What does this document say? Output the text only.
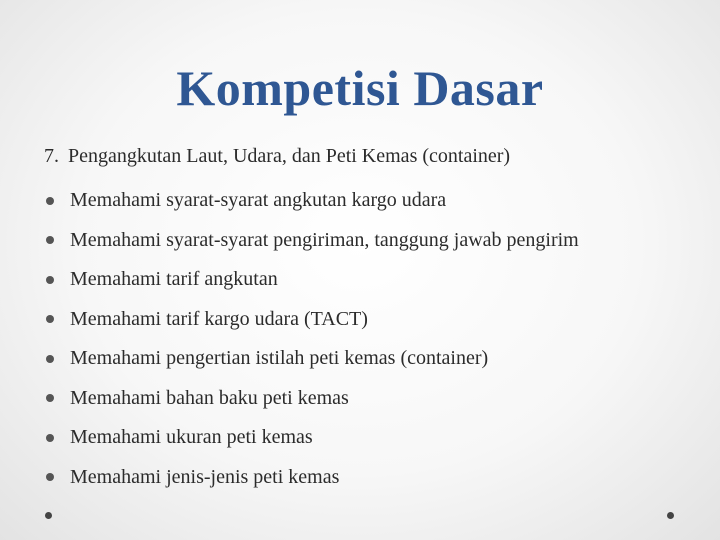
Kompetisi Dasar
7. Pengangkutan Laut, Udara, dan Peti Kemas (container)
Memahami syarat-syarat angkutan kargo udara
Memahami syarat-syarat pengiriman, tanggung jawab pengirim
Memahami tarif angkutan
Memahami tarif kargo udara (TACT)
Memahami pengertian istilah peti kemas (container)
Memahami bahan baku peti kemas
Memahami ukuran peti kemas
Memahami jenis-jenis peti kemas
